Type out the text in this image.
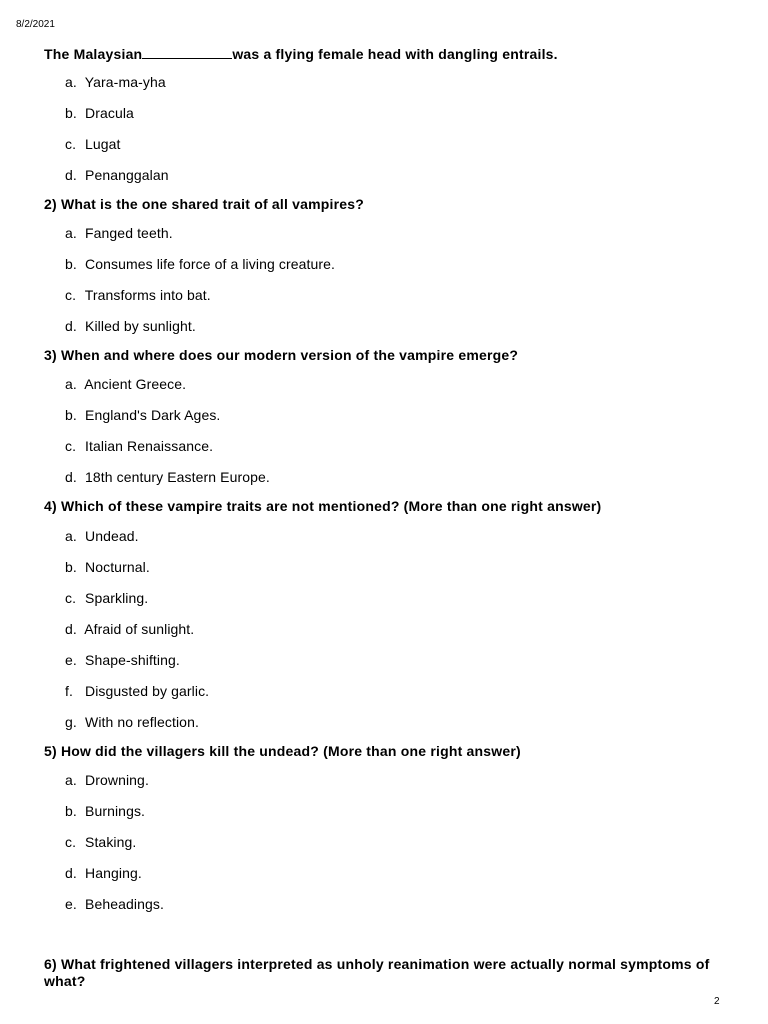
8/2/2021
The Malaysian	was a flying female head with dangling entrails.
a. Yara-ma-yha
b. Dracula
c. Lugat
d. Penanggalan
2) What is the one shared trait of all vampires?
a. Fanged teeth.
b. Consumes life force of a living creature.
c. Transforms into bat.
d. Killed by sunlight.
3) When and where does our modern version of the vampire emerge?
a. Ancient Greece.
b. England's Dark Ages.
c. Italian Renaissance.
d. 18th century Eastern Europe.
4) Which of these vampire traits are not mentioned? (More than one right answer)
a. Undead.
b. Nocturnal.
c. Sparkling.
d. Afraid of sunlight.
e. Shape-shifting.
f. Disgusted by garlic.
g. With no reflection.
5) How did the villagers kill the undead? (More than one right answer)
a. Drowning.
b. Burnings.
c. Staking.
d. Hanging.
e. Beheadings.
6) What frightened villagers interpreted as unholy reanimation were actually normal symptoms of what?
2
